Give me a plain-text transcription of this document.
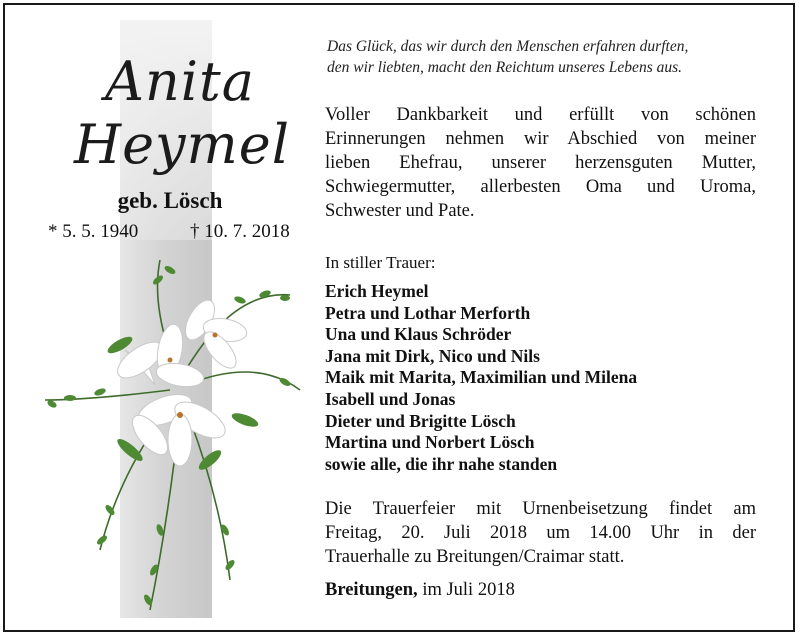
Anita
Heymel
geb. Lösch
* 5. 5. 1940	† 10. 7. 2018
Das Glück, das wir durch den Menschen erfahren durften,
den wir liebten, macht den Reichtum unseres Lebens aus.
Voller Dankbarkeit und erfüllt von schönen
Erinnerungen nehmen wir Abschied von meiner
lieben Ehefrau, unserer herzensguten Mutter,
Schwiegermutter, allerbesten Oma und Uroma,
Schwester und Pate.
In stiller Trauer:
Erich Heymel
Petra und Lothar Merforth
Una und Klaus Schröder
Jana mit Dirk, Nico und Nils
Maik mit Marita, Maximilian und Milena
Isabell und Jonas
Dieter und Brigitte Lösch
Martina und Norbert Lösch
sowie alle, die ihr nahe standen
Die Trauerfeier mit Urnenbeisetzung findet am
Freitag, 20. Juli 2018 um 14.00 Uhr in der
Trauerhalle zu Breitungen/Craimar statt.
Breitungen, im Juli 2018
